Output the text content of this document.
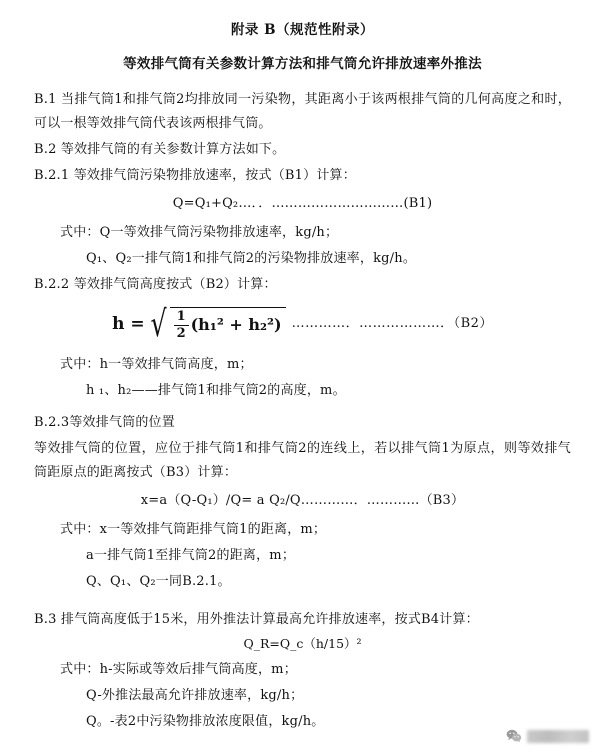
附录 B（规范性附录）
等效排气筒有关参数计算方法和排气筒允许排放速率外推法

B.1 当排气筒1和排气筒2均排放同一污染物，其距离小于该两根排气筒的几何高度之和时，可以一根等效排气筒代表该两根排气筒。

B.2 等效排气筒的有关参数计算方法如下。

B.2.1 等效排气筒污染物排放速率，按式（B1）计算：

Q=Q₁+Q₂…．．…………………………(B1)

式中：Q一等效排气筒污染物排放速率，kg/h；

Q₁、Q₂一排气筒1和排气筒2的污染物排放速率，kg/h。

B.2.2 等效排气筒高度按式（B2）计算：

h = √ $\frac{1}{2} (h_1^2 + h_2^2)$ …………．………………．（B2）

式中：h一等效排气筒高度，m；

h ₁、h₂——排气筒1和排气筒2的高度，m。

B.2.3等效排气筒的位置

等效排气筒的位置，应位于排气筒1和排气筒2的连线上，若以排气筒1为原点，则等效排气筒距原点的距离按式（B3）计算：

x=a（Q-Q₁）/Q= a Q₂/Q…………．…………（B3）

式中：x一等效排气筒距排气筒1的距离，m；

a一排气筒1至排气筒2的距离，m；

Q、Q₁、Q₂一同B.2.1。

B.3 排气筒高度低于15米，用外推法计算最高允许排放速率，按式B4计算：

Q_R=Q_c（h/15）²

式中：h-实际或等效后排气筒高度，m；

Q-外推法最高允许排放速率，kg/h；

Q。-表2中污染物排放浓度限值，kg/h。
